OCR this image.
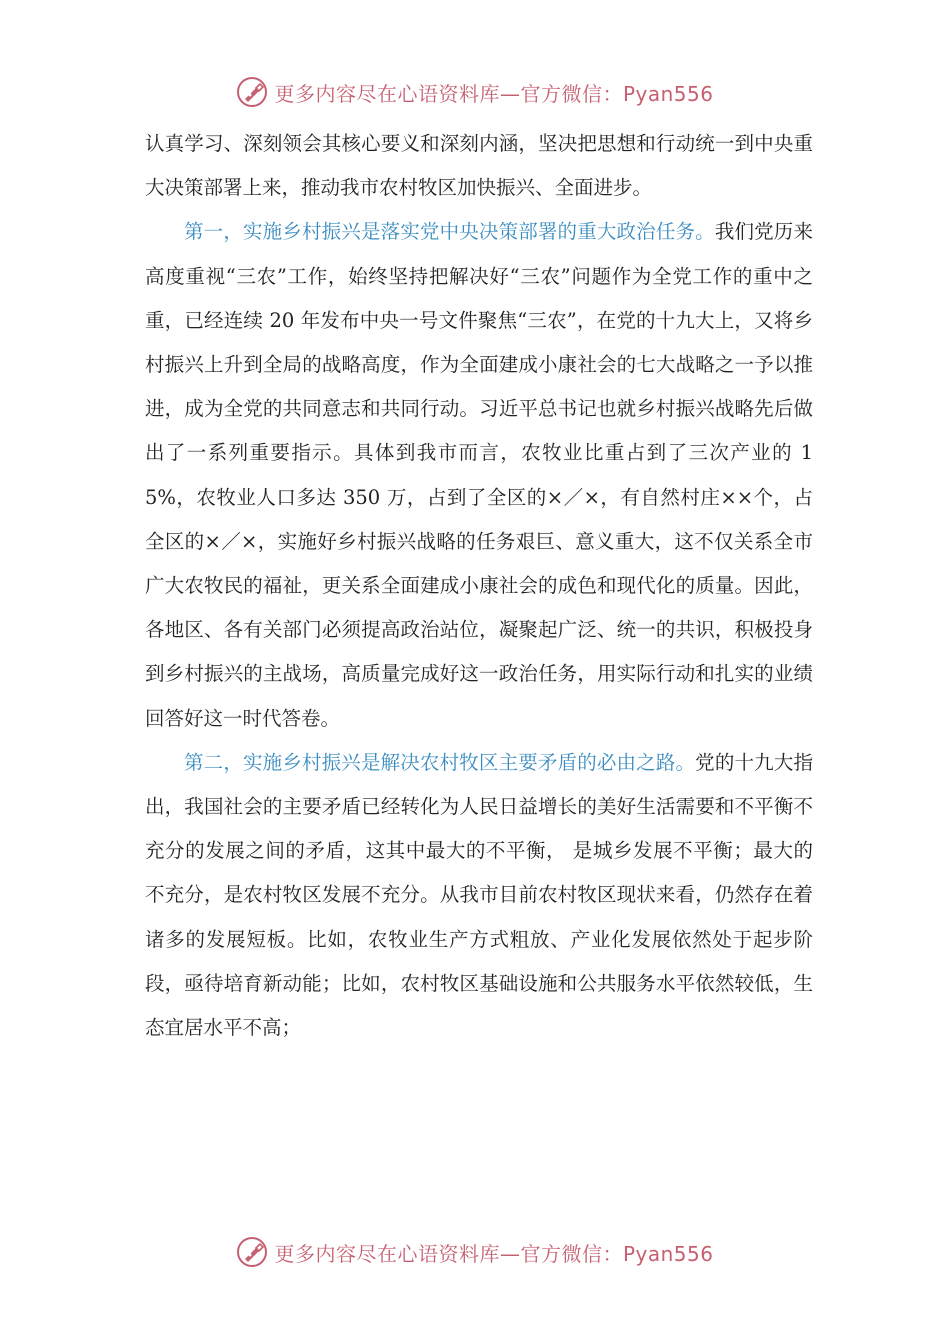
更多内容尽在心语资料库—官方微信：Pyan556

认真学习、深刻领会其核心要义和深刻内涵，坚决把思想和行动统一到中央重大决策部署上来，推动我市农村牧区加快振兴、全面进步。

第一，实施乡村振兴是落实党中央决策部署的重大政治任务。我们党历来高度重视“三农”工作，始终坚持把解决好“三农”问题作为全党工作的重中之重，已经连续 20 年发布中央一号文件聚焦“三农”，在党的十九大上，又将乡村振兴上升到全局的战略高度，作为全面建成小康社会的七大战略之一予以推进，成为全党的共同意志和共同行动。习近平总书记也就乡村振兴战略先后做出了一系列重要指示。具体到我市而言，农牧业比重占到了三次产业的 15%，农牧业人口多达 350 万，占到了全区的×／×，有自然村庄××个，占全区的×／×，实施好乡村振兴战略的任务艰巨、意义重大，这不仅关系全市广大农牧民的福祉，更关系全面建成小康社会的成色和现代化的质量。因此，各地区、各有关部门必须提高政治站位，凝聚起广泛、统一的共识，积极投身到乡村振兴的主战场，高质量完成好这一政治任务，用实际行动和扎实的业绩回答好这一时代答卷。

第二，实施乡村振兴是解决农村牧区主要矛盾的必由之路。党的十九大指出，我国社会的主要矛盾已经转化为人民日益增长的美好生活需要和不平衡不充分的发展之间的矛盾，这其中最大的不平衡， 是城乡发展不平衡；最大的不充分，是农村牧区发展不充分。从我市目前农村牧区现状来看，仍然存在着诸多的发展短板。比如，农牧业生产方式粗放、产业化发展依然处于起步阶段，亟待培育新动能；比如，农村牧区基础设施和公共服务水平依然较低，生态宜居水平不高；

更多内容尽在心语资料库—官方微信：Pyan556
